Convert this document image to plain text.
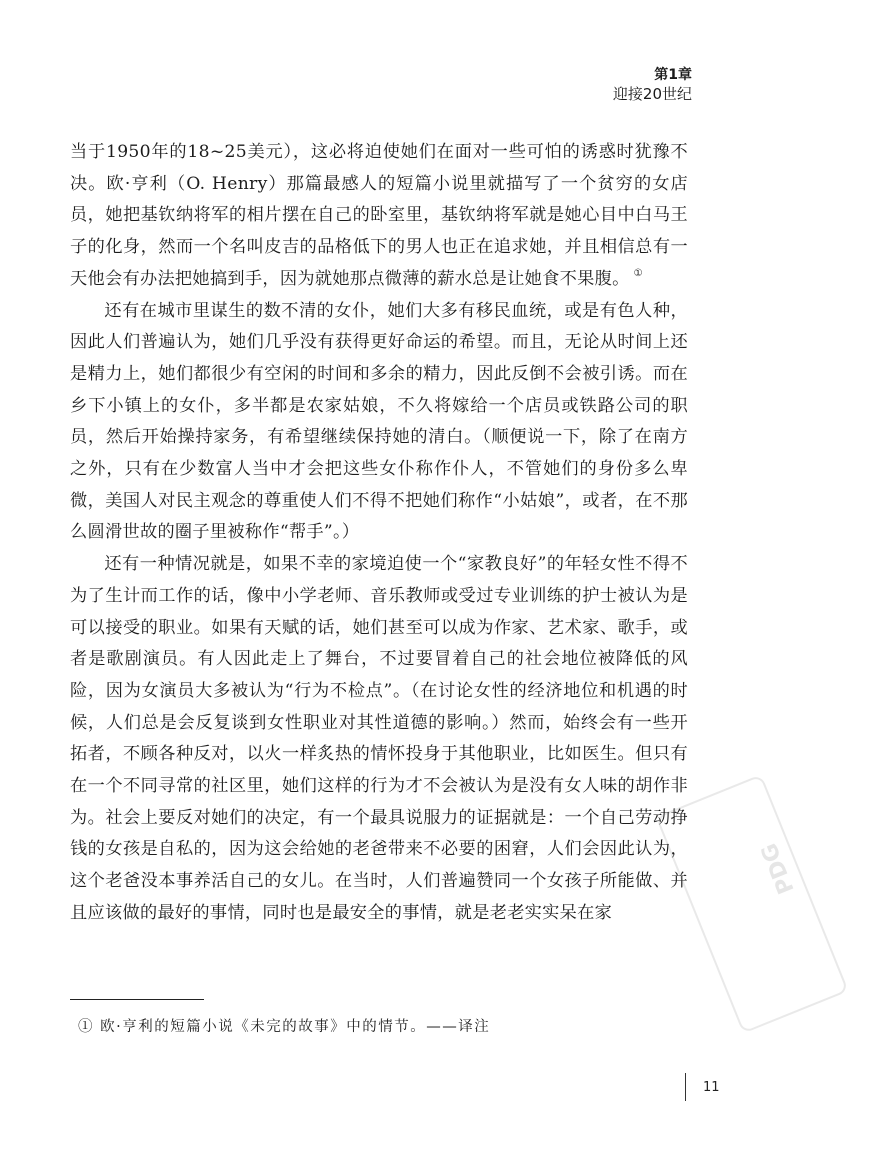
第1章
迎接20世纪

当于1950年的18~25美元），这必将迫使她们在面对一些可怕的诱惑时犹豫不决。欧·亨利（O. Henry）那篇最感人的短篇小说里就描写了一个贫穷的女店员，她把基钦纳将军的相片摆在自己的卧室里，基钦纳将军就是她心目中白马王子的化身，然而一个名叫皮吉的品格低下的男人也正在追求她，并且相信总有一天他会有办法把她搞到手，因为就她那点微薄的薪水总是让她食不果腹。 ①

还有在城市里谋生的数不清的女仆，她们大多有移民血统，或是有色人种，因此人们普遍认为，她们几乎没有获得更好命运的希望。而且，无论从时间上还是精力上，她们都很少有空闲的时间和多余的精力，因此反倒不会被引诱。而在乡下小镇上的女仆，多半都是农家姑娘，不久将嫁给一个店员或铁路公司的职员，然后开始操持家务，有希望继续保持她的清白。（顺便说一下，除了在南方之外，只有在少数富人当中才会把这些女仆称作仆人，不管她们的身份多么卑微，美国人对民主观念的尊重使人们不得不把她们称作“小姑娘”，或者，在不那么圆滑世故的圈子里被称作“帮手”。）

还有一种情况就是，如果不幸的家境迫使一个“家教良好”的年轻女性不得不为了生计而工作的话，像中小学老师、音乐教师或受过专业训练的护士被认为是可以接受的职业。如果有天赋的话，她们甚至可以成为作家、艺术家、歌手，或者是歌剧演员。有人因此走上了舞台，不过要冒着自己的社会地位被降低的风险，因为女演员大多被认为“行为不检点”。（在讨论女性的经济地位和机遇的时候，人们总是会反复谈到女性职业对其性道德的影响。）然而，始终会有一些开拓者，不顾各种反对，以火一样炙热的情怀投身于其他职业，比如医生。但只有在一个不同寻常的社区里，她们这样的行为才不会被认为是没有女人味的胡作非为。社会上要反对她们的决定，有一个最具说服力的证据就是：一个自己劳动挣钱的女孩是自私的，因为这会给她的老爸带来不必要的困窘，人们会因此认为，这个老爸没本事养活自己的女儿。在当时，人们普遍赞同一个女孩子所能做、并且应该做的最好的事情，同时也是最安全的事情，就是老老实实呆在家

① 欧·亨利的短篇小说《未完的故事》中的情节。——译注
11
PDG
